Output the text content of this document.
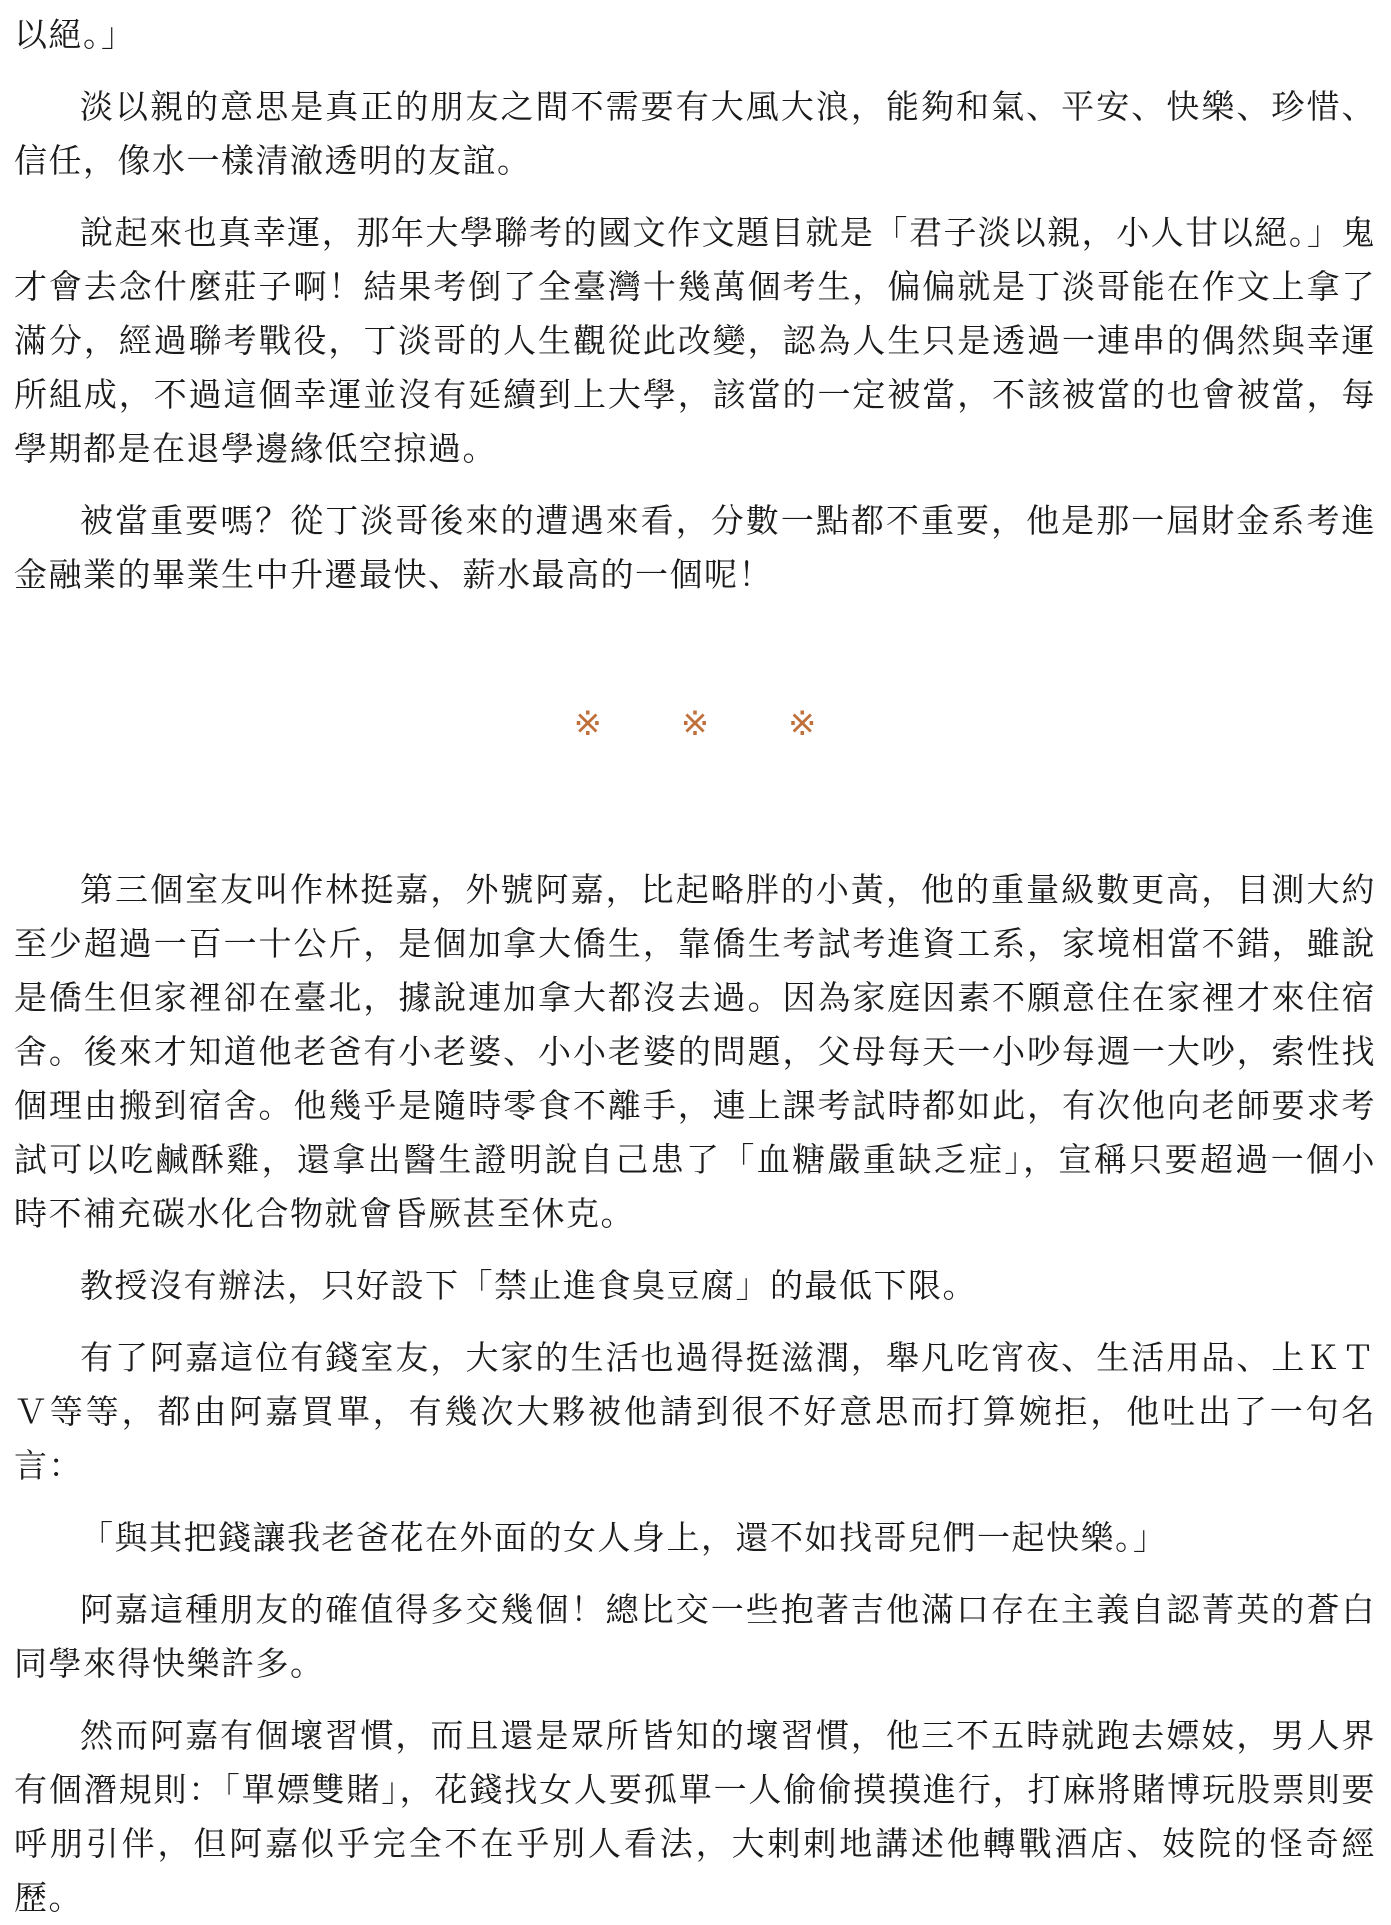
以絕。」

淡以親的意思是真正的朋友之間不需要有大風大浪，能夠和氣、平安、快樂、珍惜、信任，像水一樣清澈透明的友誼。

說起來也真幸運，那年大學聯考的國文作文題目就是「君子淡以親，小人甘以絕。」鬼才會去念什麼莊子啊！結果考倒了全臺灣十幾萬個考生，偏偏就是丁淡哥能在作文上拿了滿分，經過聯考戰役，丁淡哥的人生觀從此改變，認為人生只是透過一連串的偶然與幸運所組成，不過這個幸運並沒有延續到上大學，該當的一定被當，不該被當的也會被當，每學期都是在退學邊緣低空掠過。

被當重要嗎？從丁淡哥後來的遭遇來看，分數一點都不重要，他是那一屆財金系考進金融業的畢業生中升遷最快、薪水最高的一個呢！

※ ※ ※

第三個室友叫作林挺嘉，外號阿嘉，比起略胖的小黃，他的重量級數更高，目測大約至少超過一百一十公斤，是個加拿大僑生，靠僑生考試考進資工系，家境相當不錯，雖說是僑生但家裡卻在臺北，據說連加拿大都沒去過。因為家庭因素不願意住在家裡才來住宿舍。後來才知道他老爸有小老婆、小小老婆的問題，父母每天一小吵每週一大吵，索性找個理由搬到宿舍。他幾乎是隨時零食不離手，連上課考試時都如此，有次他向老師要求考試可以吃鹹酥雞，還拿出醫生證明說自己患了「血糖嚴重缺乏症」，宣稱只要超過一個小時不補充碳水化合物就會昏厥甚至休克。

教授沒有辦法，只好設下「禁止進食臭豆腐」的最低下限。

有了阿嘉這位有錢室友，大家的生活也過得挺滋潤，舉凡吃宵夜、生活用品、上ＫＴＶ等等，都由阿嘉買單，有幾次大夥被他請到很不好意思而打算婉拒，他吐出了一句名言：

「與其把錢讓我老爸花在外面的女人身上，還不如找哥兒們一起快樂。」

阿嘉這種朋友的確值得多交幾個！總比交一些抱著吉他滿口存在主義自認菁英的蒼白同學來得快樂許多。

然而阿嘉有個壞習慣，而且還是眾所皆知的壞習慣，他三不五時就跑去嫖妓，男人界有個潛規則：「單嫖雙賭」，花錢找女人要孤單一人偷偷摸摸進行，打麻將賭博玩股票則要呼朋引伴，但阿嘉似乎完全不在乎別人看法，大剌剌地講述他轉戰酒店、妓院的怪奇經歷。
